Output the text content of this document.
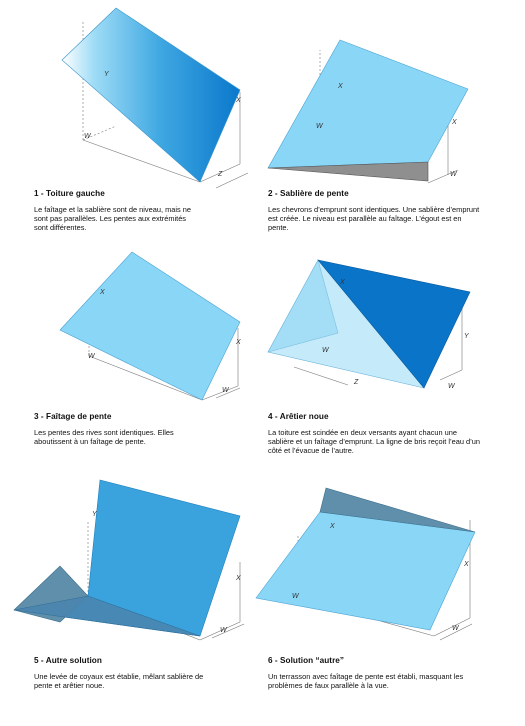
Y
X
W
Z
X
X
W
W
X
W
X
W
X
W
Y
Z
W
Y
X
W
X
X
W
W
1 - Toiture gauche
Le faîtage et la sablière sont de niveau, mais ne sont pas parallèles. Les pentes aux extrémités sont différentes.
2 - Sablière de pente
Les chevrons d’emprunt sont identiques. Une sablière d’emprunt est créée. Le niveau est parallèle au faîtage. L’égout est en pente.
3 - Faîtage de pente
Les pentes des rives sont identiques. Elles aboutissent à un faîtage de pente.
4 - Arêtier noue
La toiture est scindée en deux versants ayant chacun une sablière et un faîtage d’emprunt. La ligne de bris reçoit l’eau d’un côté et l’évacue de l’autre.
5 - Autre solution
Une levée de coyaux est établie, mêlant sablière de pente et arêtier noue.
6 - Solution “autre”
Un terrasson avec faîtage de pente est établi, masquant les problèmes de faux parallèle à la vue.
